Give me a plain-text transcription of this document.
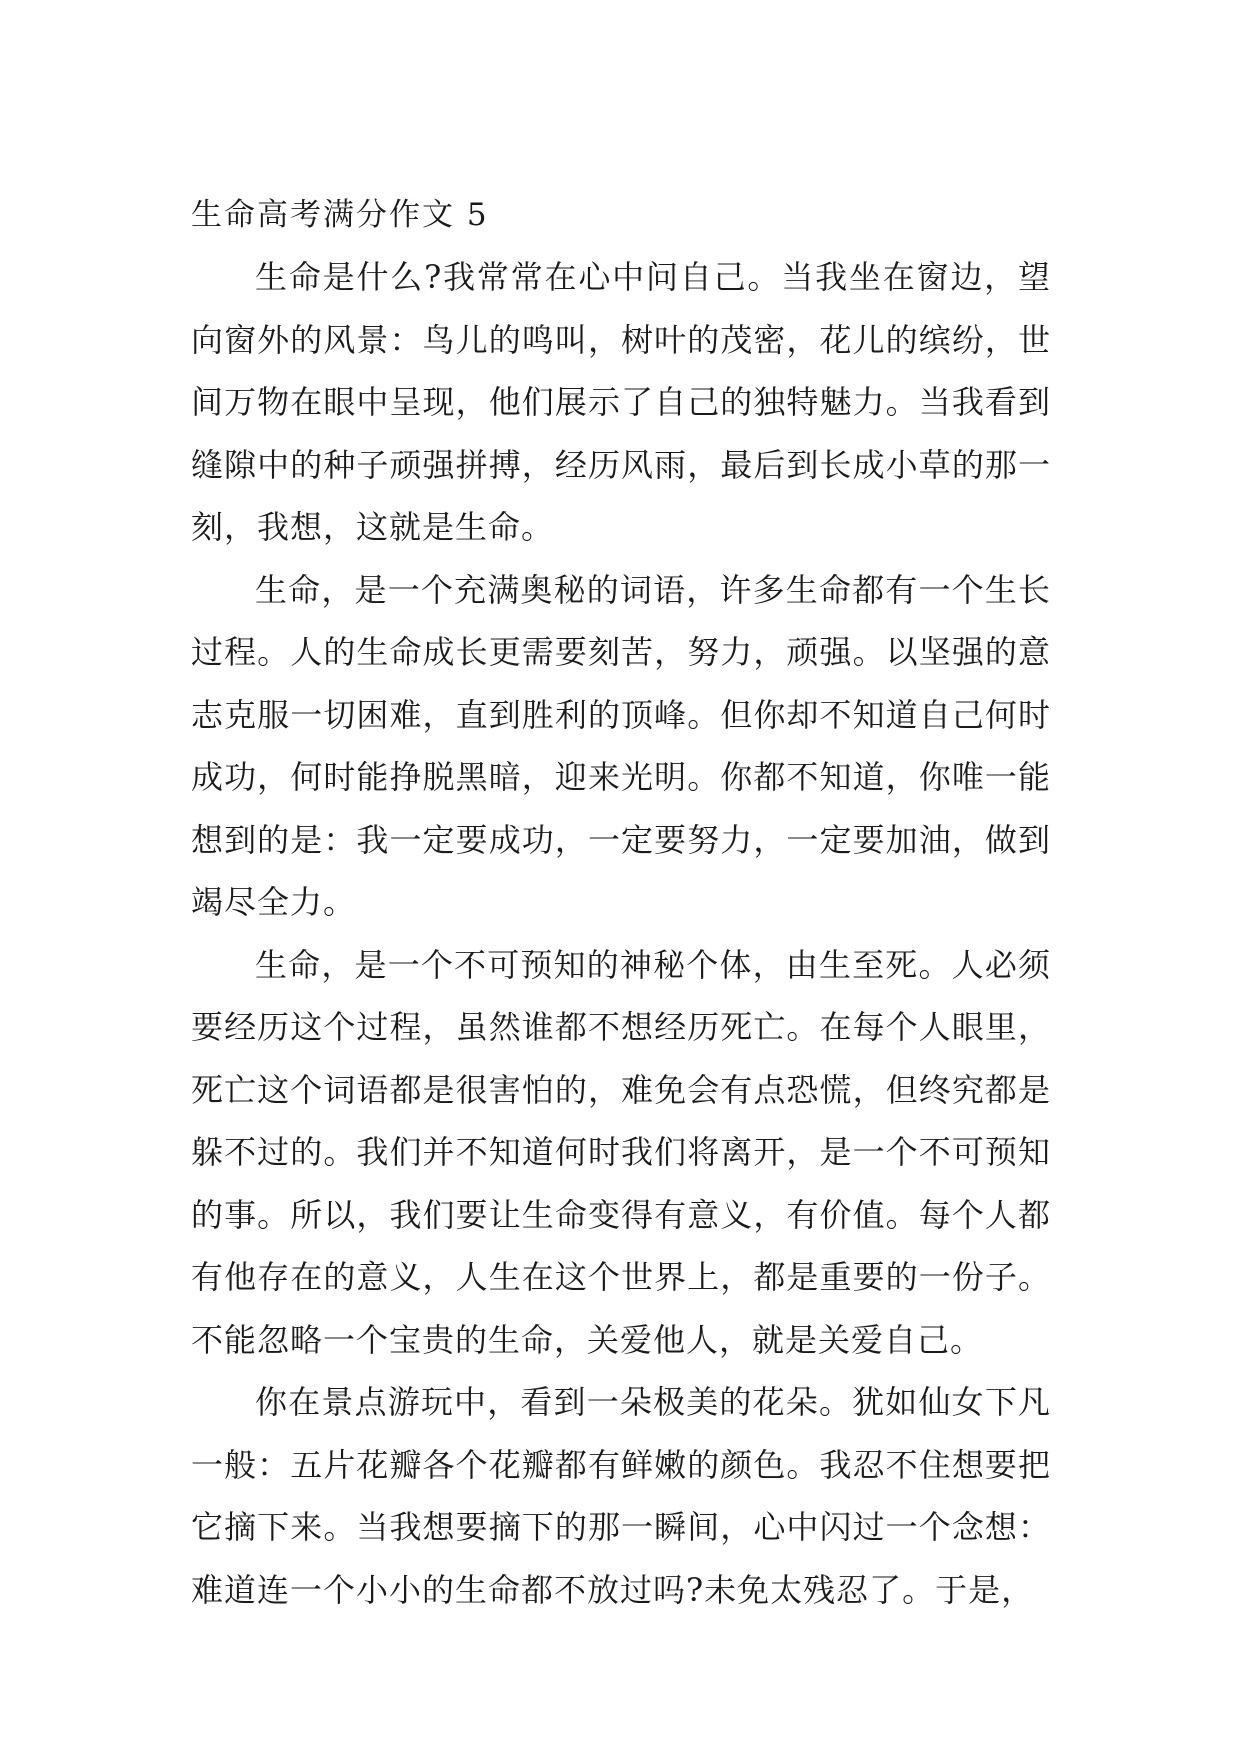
生命高考满分作文 5

生命是什么?我常常在心中问自己。当我坐在窗边，望向窗外的风景：鸟儿的鸣叫，树叶的茂密，花儿的缤纷，世间万物在眼中呈现，他们展示了自己的独特魅力。当我看到缝隙中的种子顽强拼搏，经历风雨，最后到长成小草的那一刻，我想，这就是生命。

生命，是一个充满奥秘的词语，许多生命都有一个生长过程。人的生命成长更需要刻苦，努力，顽强。以坚强的意志克服一切困难，直到胜利的顶峰。但你却不知道自己何时成功，何时能挣脱黑暗，迎来光明。你都不知道，你唯一能想到的是：我一定要成功，一定要努力，一定要加油，做到竭尽全力。

生命，是一个不可预知的神秘个体，由生至死。人必须要经历这个过程，虽然谁都不想经历死亡。在每个人眼里，死亡这个词语都是很害怕的，难免会有点恐慌，但终究都是躲不过的。我们并不知道何时我们将离开，是一个不可预知的事。所以，我们要让生命变得有意义，有价值。每个人都有他存在的意义，人生在这个世界上，都是重要的一份子。不能忽略一个宝贵的生命，关爱他人，就是关爱自己。

你在景点游玩中，看到一朵极美的花朵。犹如仙女下凡一般：五片花瓣各个花瓣都有鲜嫩的颜色。我忍不住想要把它摘下来。当我想要摘下的那一瞬间，心中闪过一个念想：难道连一个小小的生命都不放过吗?未免太残忍了。于是，
